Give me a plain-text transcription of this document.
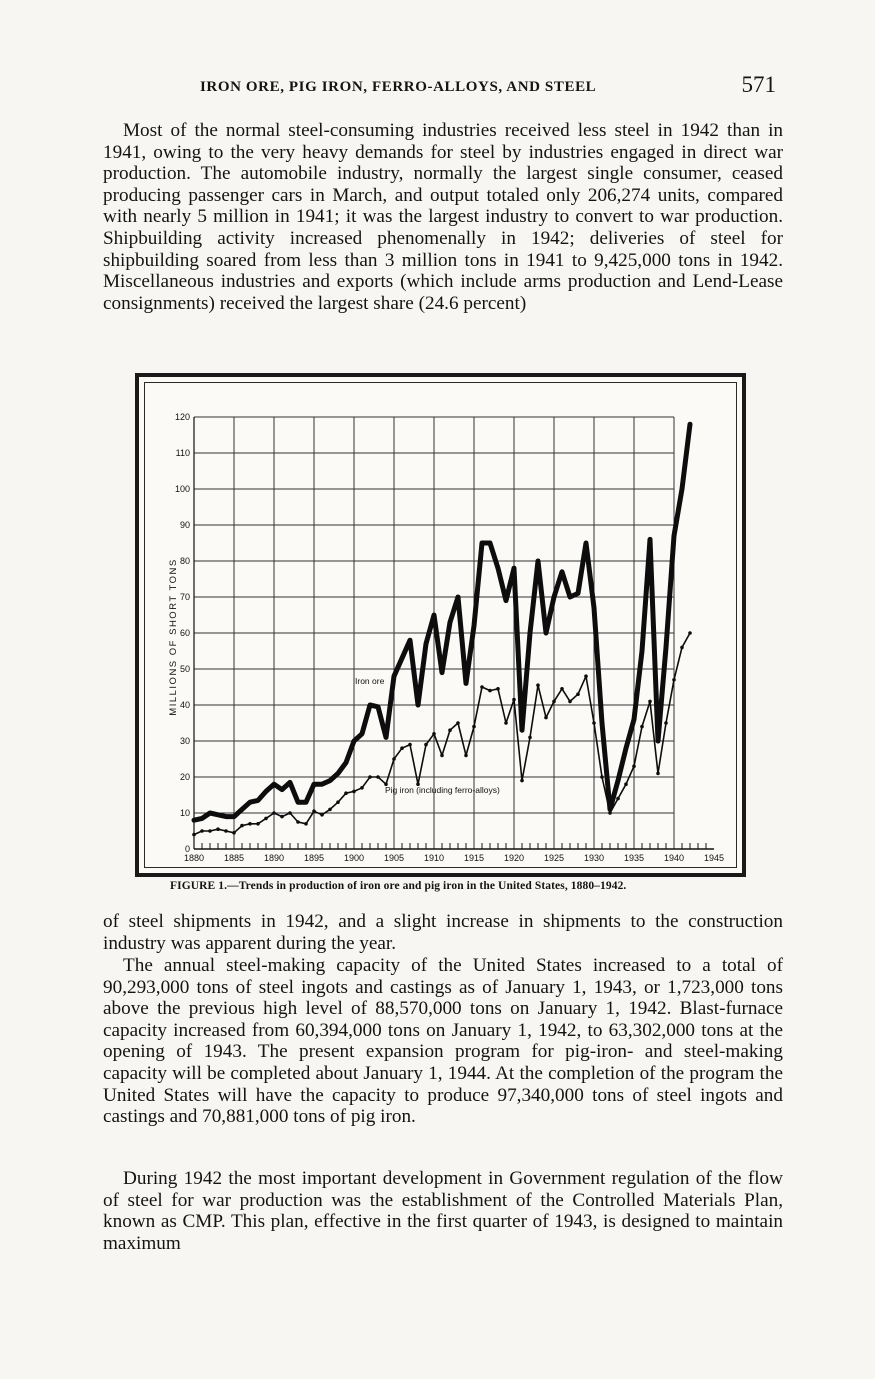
IRON ORE, PIG IRON, FERRO-ALLOYS, AND STEEL	571

Most of the normal steel-consuming industries received less steel in 1942 than in 1941, owing to the very heavy demands for steel by industries engaged in direct war production. The automobile industry, normally the largest single consumer, ceased producing passenger cars in March, and output totaled only 206,274 units, compared with nearly 5 million in 1941; it was the largest industry to convert to war production. Shipbuilding activity increased phenomenally in 1942; deliveries of steel for shipbuilding soared from less than 3 million tons in 1941 to 9,425,000 tons in 1942. Miscellaneous industries and exports (which include arms production and Lend-Lease consignments) received the largest share (24.6 percent)

1880 1885 1890 1895 1900 1905 1910 1915 1920 1925 1930 1935 1940 1945
0
10
20
30
40
50
60
70
80
90
100
110
120
MILLIONS OF SHORT TONS	Iron ore
Pig iron (including ferro-alloys)
FIGURE 1.—Trends in production of iron ore and pig iron in the United States, 1880–1942.

of steel shipments in 1942, and a slight increase in shipments to the construction industry was apparent during the year.

The annual steel-making capacity of the United States increased to a total of 90,293,000 tons of steel ingots and castings as of January 1, 1943, or 1,723,000 tons above the previous high level of 88,570,000 tons on January 1, 1942. Blast-furnace capacity increased from 60,394,000 tons on January 1, 1942, to 63,302,000 tons at the opening of 1943. The present expansion program for pig-iron- and steel-making capacity will be completed about January 1, 1944. At the completion of the program the United States will have the capacity to produce 97,340,000 tons of steel ingots and castings and 70,881,000 tons of pig iron.

During 1942 the most important development in Government regulation of the flow of steel for war production was the establishment of the Controlled Materials Plan, known as CMP. This plan, effective in the first quarter of 1943, is designed to maintain maximum
